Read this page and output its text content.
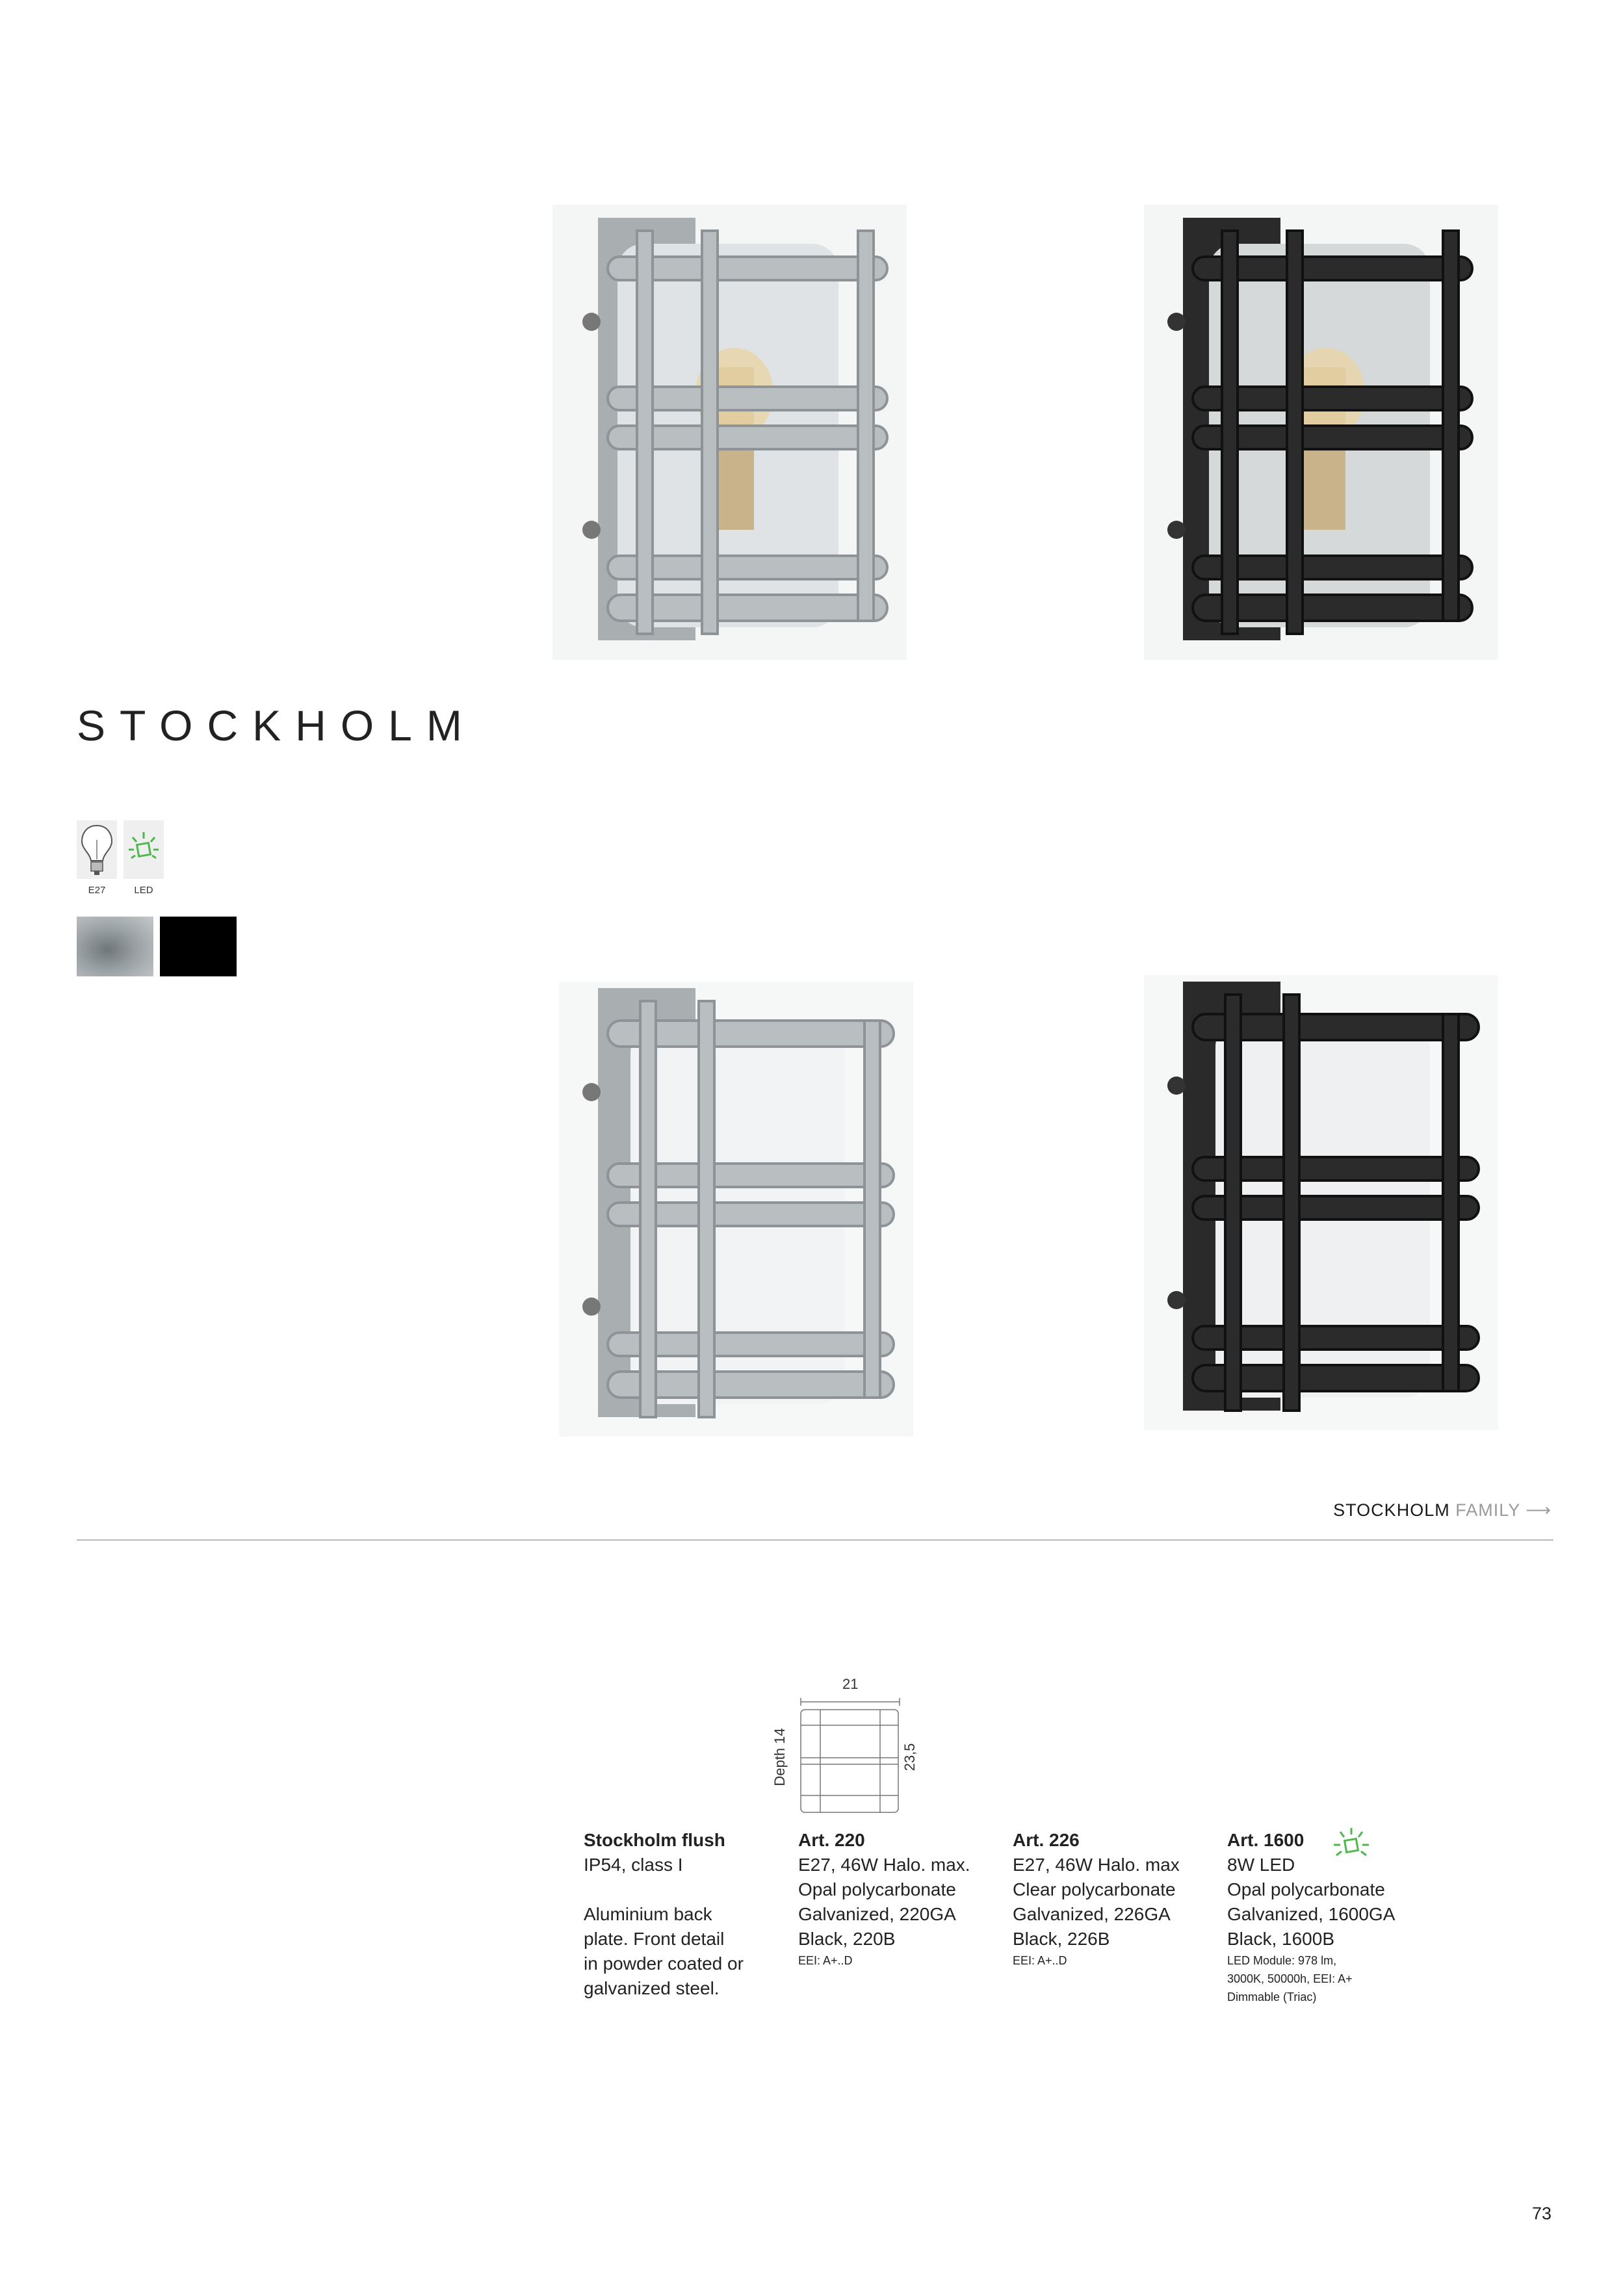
STOCKHOLM
E27	LED
STOCKHOLM FAMILY ⟶
21
Depth 14	23,5

Stockholm flush

IP54, class I

Aluminium back

plate. Front detail

in powder coated or

galvanized steel.

Art. 220

E27, 46W Halo. max.

Opal polycarbonate

Galvanized, 220GA

Black, 220B

EEI: A+..D

Art. 226

E27, 46W Halo. max

Clear polycarbonate

Galvanized, 226GA

Black, 226B

EEI: A+..D

Art. 1600

8W LED

Opal polycarbonate

Galvanized, 1600GA

Black, 1600B

LED Module: 978 lm,

3000K, 50000h, EEI: A+

Dimmable (Triac)

73
